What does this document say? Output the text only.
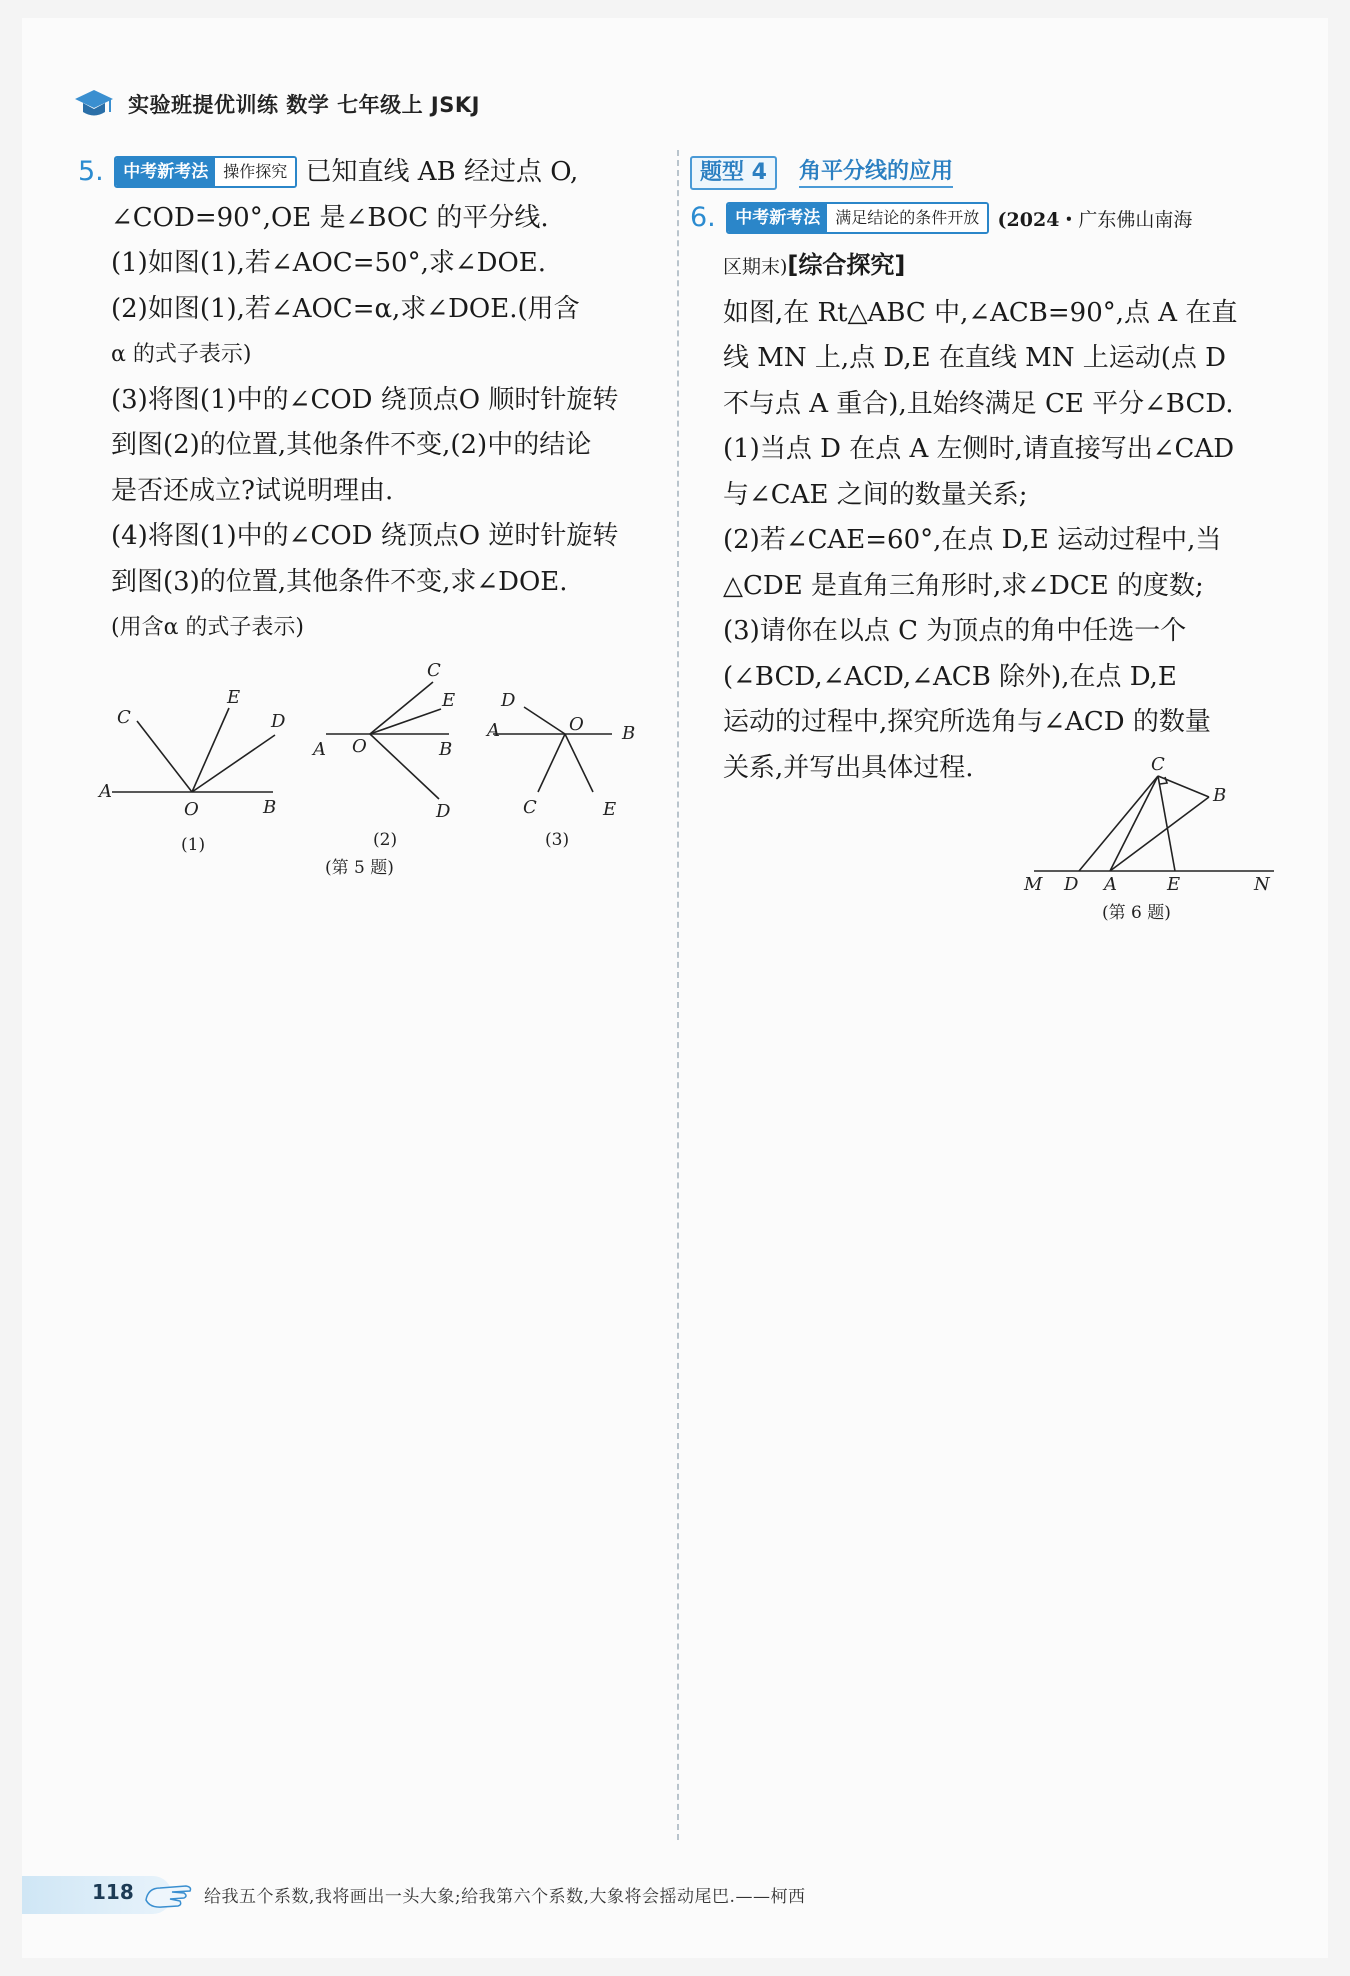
实验班提优训练 数学 七年级上 JSKJ
5.	中考新考法 操作探究 已知直线 AB 经过点 O,
∠COD=90°,OE 是∠BOC 的平分线.
(1)如图(1),若∠AOC=50°,求∠DOE.
(2)如图(1),若∠AOC=α,求∠DOE.(用含
α 的式子表示)
(3)将图(1)中的∠COD 绕顶点O 顺时针旋转
到图(2)的位置,其他条件不变,(2)中的结论
是否还成立?试说明理由.
(4)将图(1)中的∠COD 绕顶点O 逆时针旋转
到图(3)的位置,其他条件不变,求∠DOE.
(用含α 的式子表示)
A
B
O
C
E
D
A O	B
C
E
D
D
A	O B
C	E
(1)	(2)	(3)
(第 5 题)
题型 4	角平分线的应用
6.	中考新考法 满足结论的条件开放 (2024・广东佛山南海
区期末)[综合探究]
如图,在 Rt△ABC 中,∠ACB=90°,点 A 在直
线 MN 上,点 D,E 在直线 MN 上运动(点 D
不与点 A 重合),且始终满足 CE 平分∠BCD.
(1)当点 D 在点 A 左侧时,请直接写出∠CAD
与∠CAE 之间的数量关系;
(2)若∠CAE=60°,在点 D,E 运动过程中,当
△CDE 是直角三角形时,求∠DCE 的度数;
(3)请你在以点 C 为顶点的角中任选一个
(∠BCD,∠ACD,∠ACB 除外),在点 D,E
运动的过程中,探究所选角与∠ACD 的数量
关系,并写出具体过程.	C
B
M D A	E	N
(第 6 题)
118	给我五个系数,我将画出一头大象;给我第六个系数,大象将会摇动尾巴.——柯西
